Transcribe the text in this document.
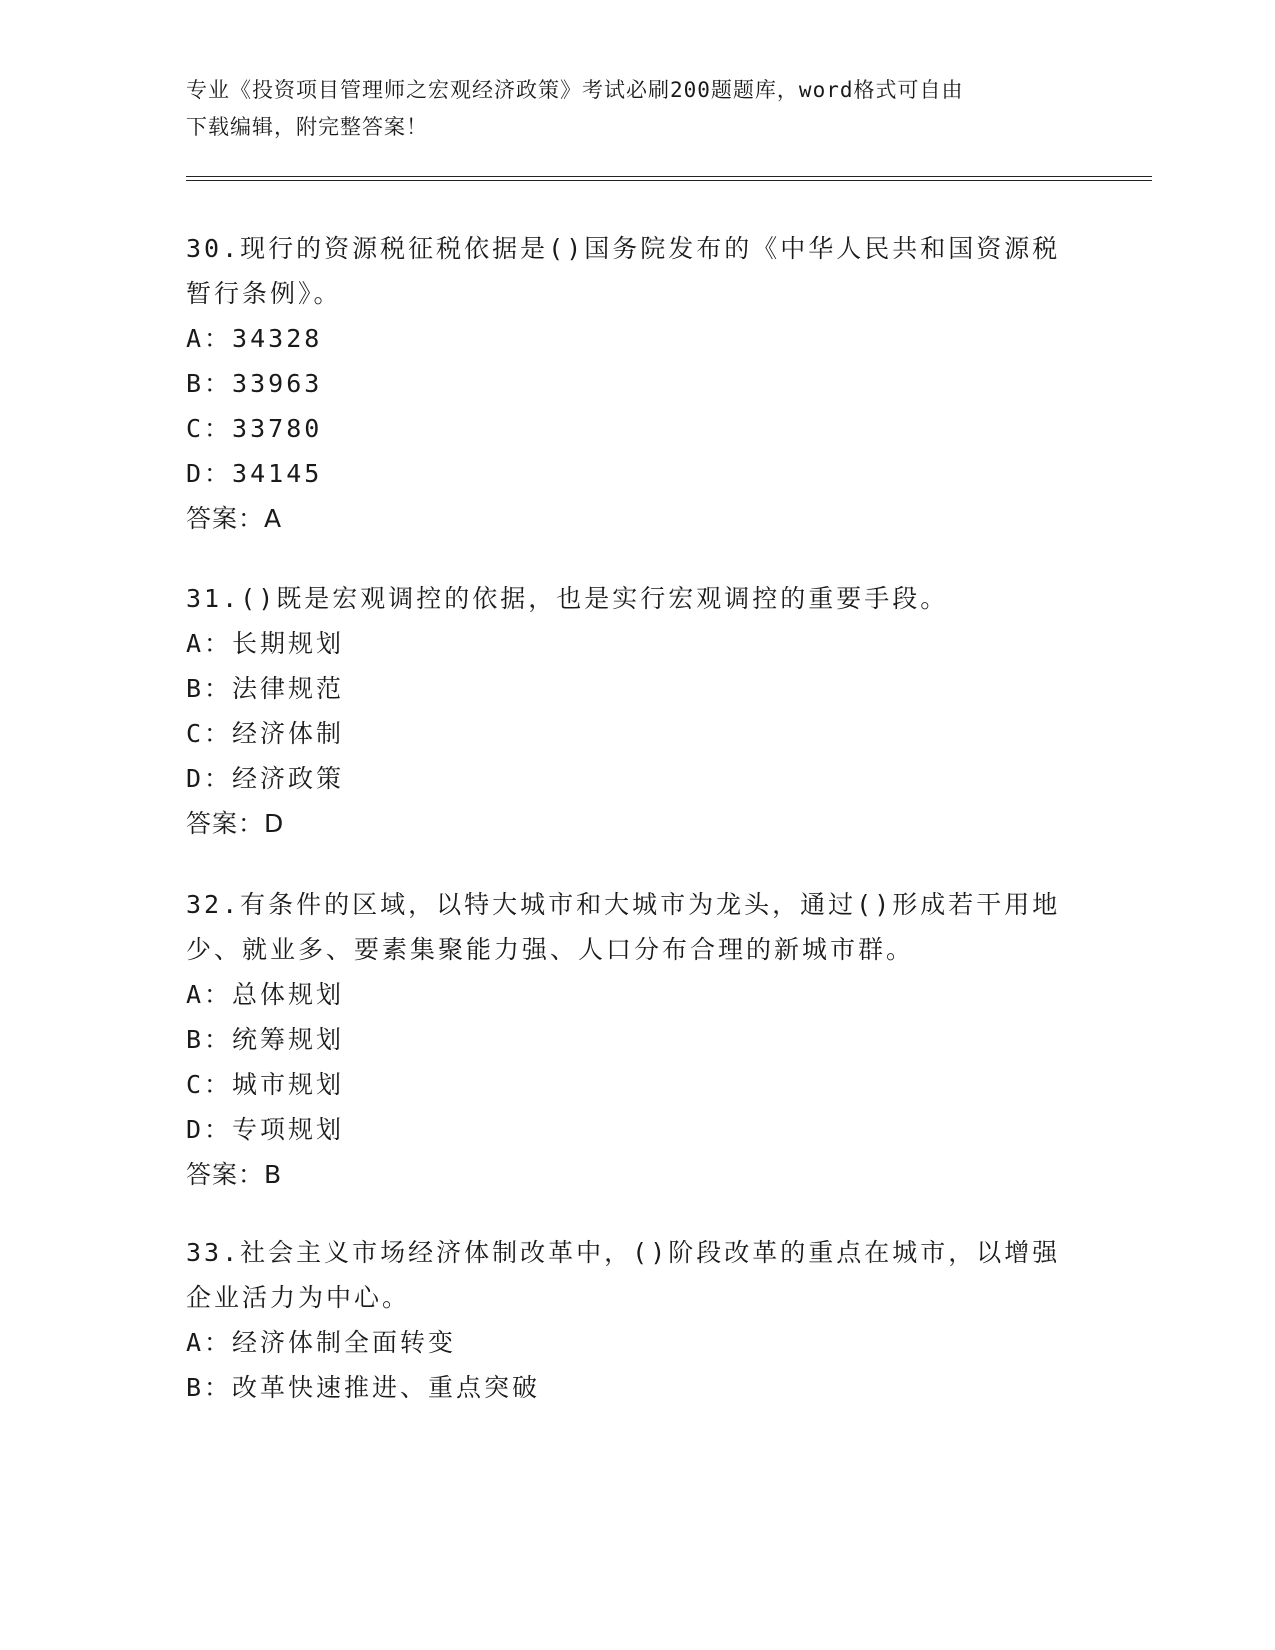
专业《投资项目管理师之宏观经济政策》考试必刷200题题库，word格式可自由
下载编辑，附完整答案！
30.现行的资源税征税依据是()国务院发布的《中华人民共和国资源税暂行条例》。
A：34328
B：33963
C：33780
D：34145
答案：A
31.()既是宏观调控的依据，也是实行宏观调控的重要手段。
A：长期规划
B：法律规范
C：经济体制
D：经济政策
答案：D
32.有条件的区域，以特大城市和大城市为龙头，通过()形成若干用地少、就业多、要素集聚能力强、人口分布合理的新城市群。
A：总体规划
B：统筹规划
C：城市规划
D：专项规划
答案：B
33.社会主义市场经济体制改革中，()阶段改革的重点在城市，以增强企业活力为中心。
A：经济体制全面转变
B：改革快速推进、重点突破
